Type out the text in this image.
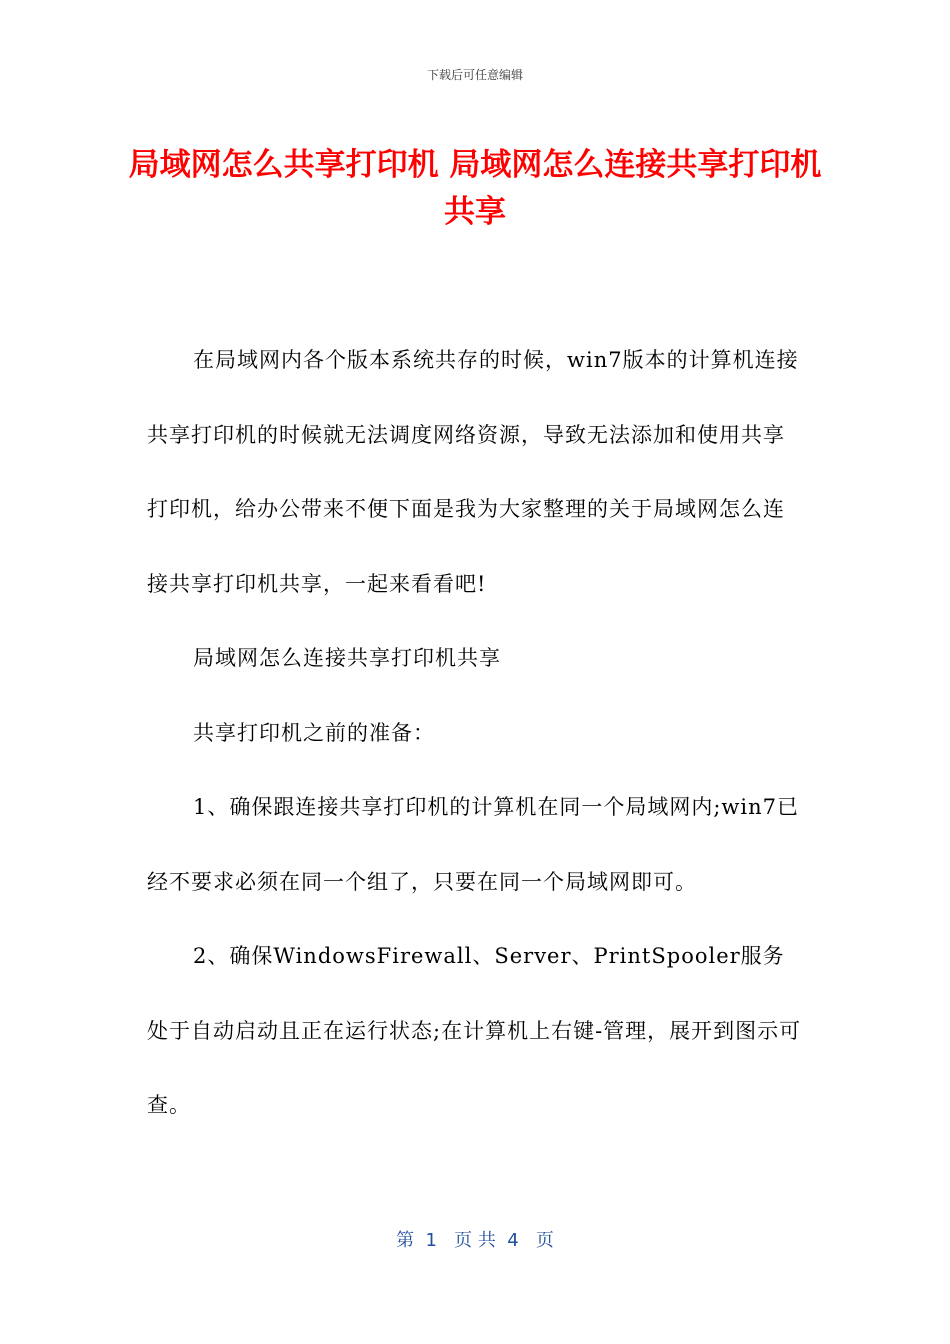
下载后可任意编辑
局域网怎么共享打印机 局域网怎么连接共享打印机共享

在局域网内各个版本系统共存的时候，win7版本的计算机连接共享打印机的时候就无法调度网络资源，导致无法添加和使用共享打印机，给办公带来不便下面是我为大家整理的关于局域网怎么连接共享打印机共享，一起来看看吧!

局域网怎么连接共享打印机共享

共享打印机之前的准备：

1、确保跟连接共享打印机的计算机在同一个局域网内;win7已经不要求必须在同一个组了，只要在同一个局域网即可。

2、确保WindowsFirewall、Server、PrintSpooler服务处于自动启动且正在运行状态;在计算机上右键-管理，展开到图示可查。

第  1   页 共  4   页
